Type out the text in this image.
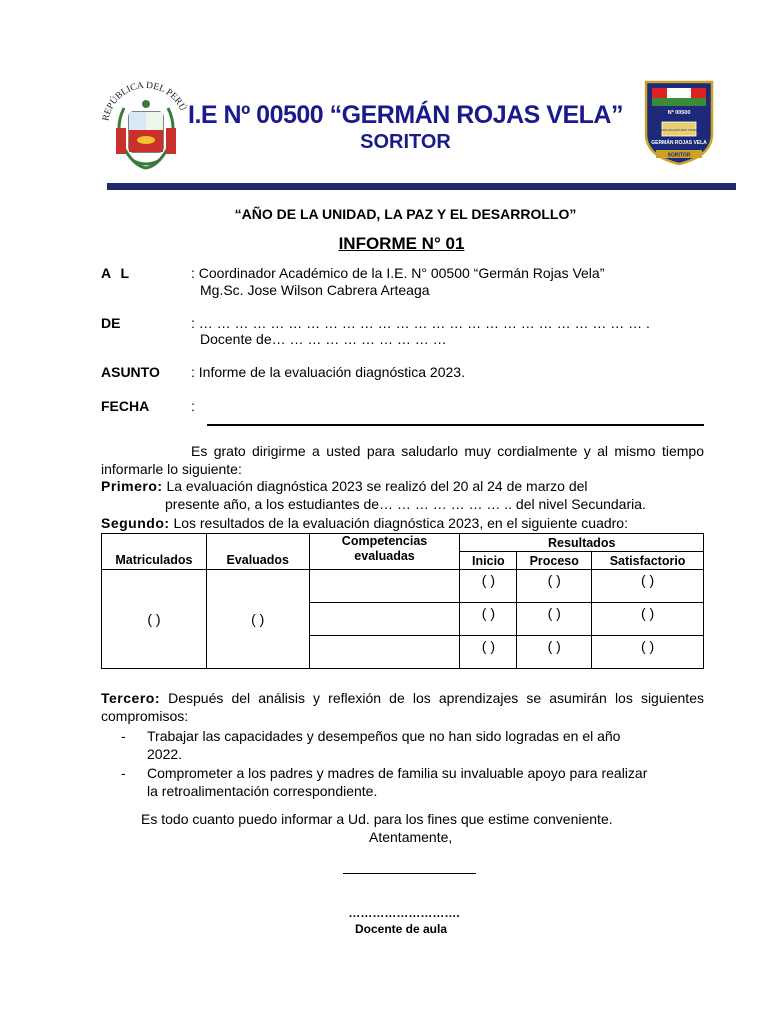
REPÚBLICA DEL PERÚ I.E Nº 00500 “GERMÁN ROJAS VELA”
SORITOR
Nº 00500
DISCIPLINA ESTUDIO TRABAJO
GERMÁN ROJAS VELA
SORITOR
“AÑO DE LA UNIDAD, LA PAZ Y EL DESARROLLO”
INFORME N° 01
A L	: Coordinador Académico de la I.E. N° 00500 “Germán Rojas Vela”
Mg.Sc. Jose Wilson Cabrera Arteaga
DE	: … … … … … … … … … … … … … … … … … … … … … … … … … .
Docente de… … … … … … … … … …
ASUNTO : Informe de la evaluación diagnóstica 2023.
FECHA	:
Es grato dirigirme a usted para saludarlo muy cordialmente y al mismo tiempo informarle lo siguiente:
Primero: La evaluación diagnóstica 2023 se realizó del 20 al 24 de marzo del
presente año, a los estudiantes de… … … … … … … .. del nivel Secundaria.
Segundo: Los resultados de la evaluación diagnóstica 2023, en el siguiente cuadro:
Matriculados	Evaluados	Competencias evaluadas	Resultados		
			Inicio	Proceso	Satisfactorio
( )	( )		( )	( )	( )
			( )	( )	( )
			( )	( )	( )
Tercero: Después del análisis y reflexión de los aprendizajes se asumirán los siguientes compromisos:
- Trabajar las capacidades y desempeños que no han sido logradas en el año
2022.
- Comprometer a los padres y madres de familia su invaluable apoyo para realizar
la retroalimentación correspondiente.
Es todo cuanto puedo informar a Ud. para los fines que estime conveniente.
Atentamente,
……………………….
Docente de aula
